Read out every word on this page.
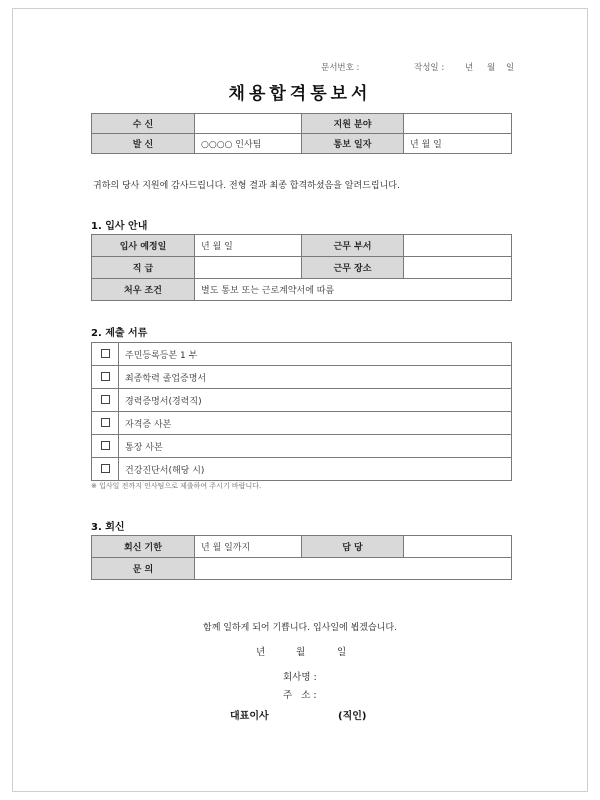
문서번호 :	작성일 : 년 월 일
채용합격통보서
수 신		지원 분야	
발 신	○○○○ 인사팀	통보 일자	년 월 일
귀하의 당사 지원에 감사드립니다. 전형 결과 최종 합격하셨음을 알려드립니다.
1. 입사 안내
입사 예정일	년 월 일	근무 부서	
직 급		근무 장소	
처우 조건	별도 통보 또는 근로계약서에 따름		
2. 제출 서류
	주민등록등본 1 부
	최종학력 졸업증명서
	경력증명서(경력직)
	자격증 사본
	통장 사본
	건강진단서(해당 시)
※ 입사일 전까지 인사팀으로 제출하여 주시기 바랍니다.
3. 회신
회신 기한	년 월 일까지	담 당	
문 의			
함께 일하게 되어 기쁩니다. 입사일에 뵙겠습니다.
년	월	일
회사명 :
주   소 :
대표이사	(직인)
